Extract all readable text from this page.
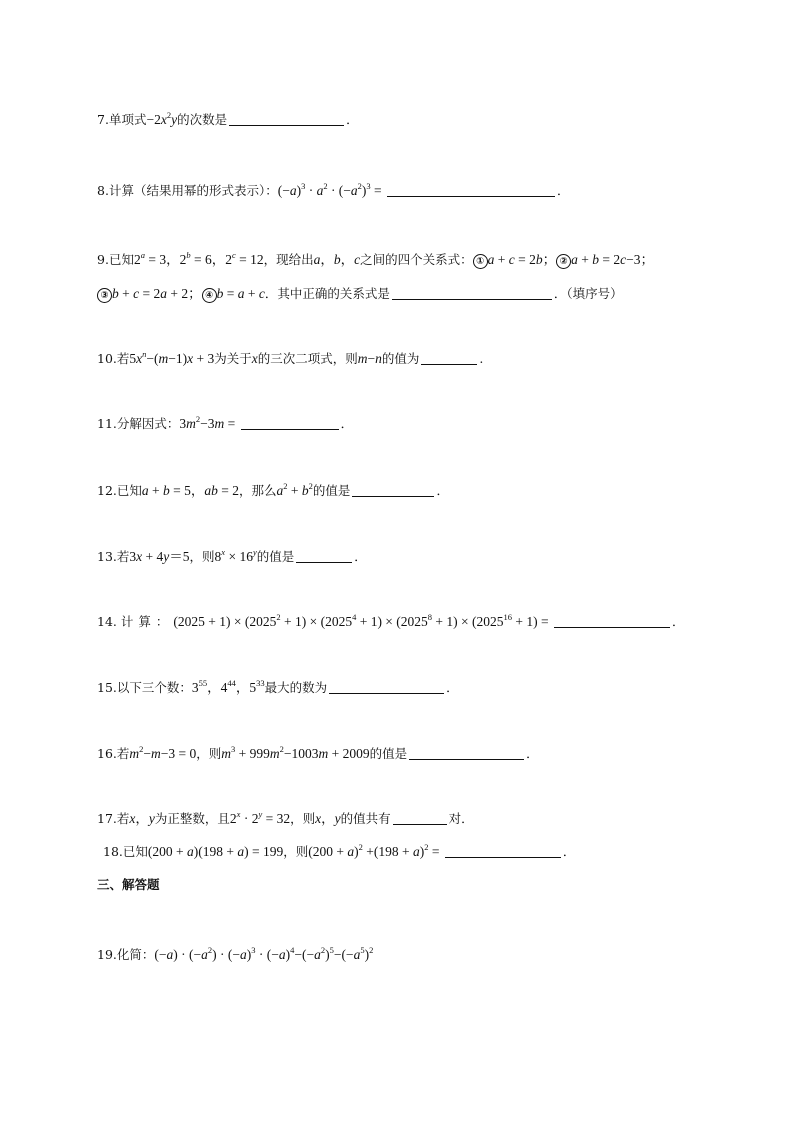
7.单项式$-2x^2y$的次数是	．
8.计算（结果用幂的形式表示）：$(-a)^3 \cdot a^2 \cdot (-a^2)^3$ =	．
9.已知$2^a = 3$，$2^b = 6$，$2^c = 12$，现给出a，b，c之间的四个关系式： ① a + c = 2b； ② a + b = 2c−3；
③ b + c = 2a + 2； ④ b = a + c．其中正确的关系式是	．（填序号）
10.若$5x^n-(m-1)x + 3$为关于x的三次二项式，则m−n的值为	.
11.分解因式：$3m^2-3m$ =	．
12.已知a + b = 5，ab = 2，那么$a^2 + b^2$的值是	．
13.若3x + 4y＝5，则$8^x \times 16^y$的值是	．
14. 计算：$(2025 + 1) \times (2025^2 + 1) \times (2025^4 + 1) \times (2025^8 + 1) \times (2025^{16} + 1)$ =	．
15.以下三个数：$3^{55}$，$4^{44}$，$5^{33}$最大的数为	．
16.若$m^2-m-3 = 0$，则$m^3 + 999m^2-1003m + 2009$的值是	．
17.若x，y为正整数，且$2^x \cdot 2^y = 32$，则x，y的值共有	对．
18.已知(200 + a)(198 + a) = 199，则$(200 + a)^2 +(198 + a)^2$ =	．
三、解答题
19.化简：$(-a) \cdot (-a^2) \cdot (-a)^3 \cdot (-a)^4-(-a^2)^5-(-a^5)^2$
